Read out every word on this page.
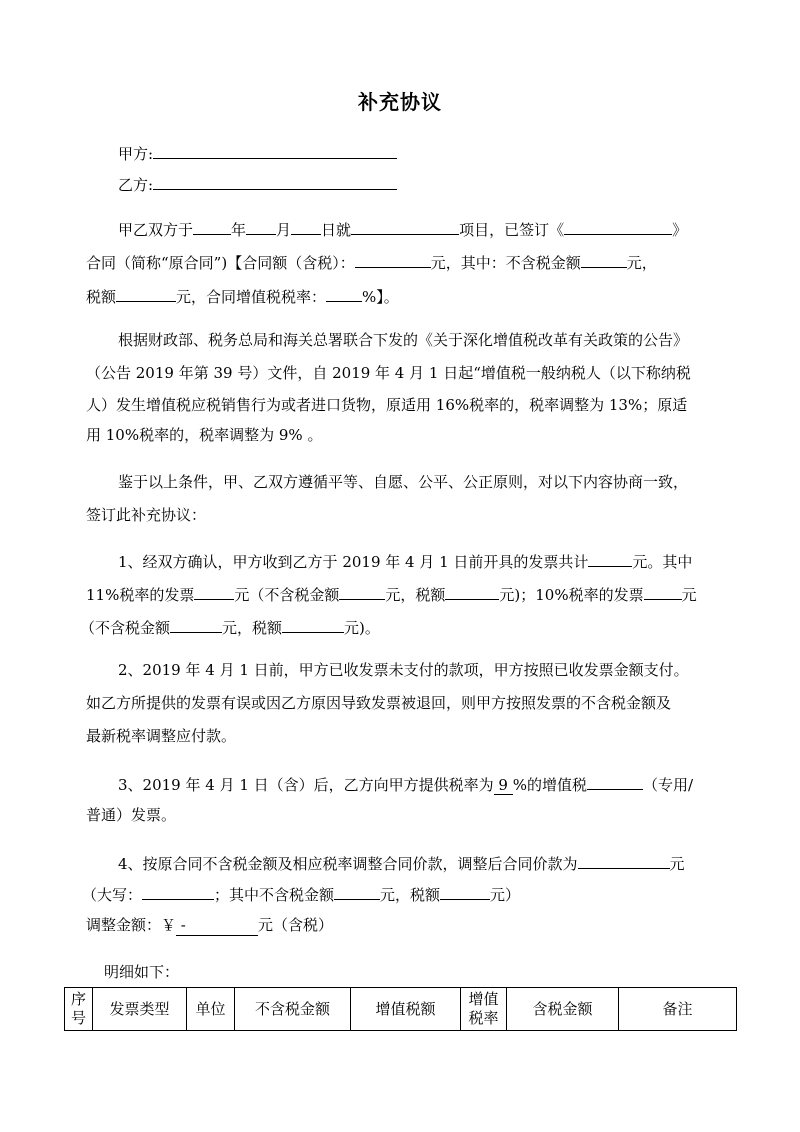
补充协议
甲方:
乙方:
甲乙双方于	年 月 日就	项目，已签订《	》
合同（简称“原合同”)【合同额（含税）：	元，其中：不含税金额	元，
税额	元，合同增值税税率： %】。
根据财政部、税务总局和海关总署联合下发的《关于深化增值税改革有关政策的公告》
（公告 2019 年第 39 号）文件，自 2019 年 4 月 1 日起“增值税一般纳税人（以下称纳税
人）发生增值税应税销售行为或者进口货物，原适用 16%税率的，税率调整为 13%；原适
用 10%税率的，税率调整为 9% 。
鉴于以上条件，甲、乙双方遵循平等、自愿、公平、公正原则，对以下内容协商一致，
签订此补充协议：
1、经双方确认，甲方收到乙方于 2019 年 4 月 1 日前开具的发票共计	元。其中
11%税率的发票	元（不含税金额	元，税额	元)；10%税率的发票	元
（不含税金额	元，税额	元)。
2、2019 年 4 月 1 日前，甲方已收发票未支付的款项，甲方按照已收发票金额支付。
如乙方所提供的发票有误或因乙方原因导致发票被退回，则甲方按照发票的不含税金额及
最新税率调整应付款。
3、2019 年 4 月 1 日（含）后，乙方向甲方提供税率为 9 %的增值税	（专用/
普通）发票。
4、按原合同不含税金额及相应税率调整合同价款，调整后合同价款为	元
（大写：	；其中不含税金额	元，税额	元）
调整金额：￥ -	元（含税）
明细如下：
序号	发票类型	单位	不含税金额	增值税额	增值税率	含税金额	备注
